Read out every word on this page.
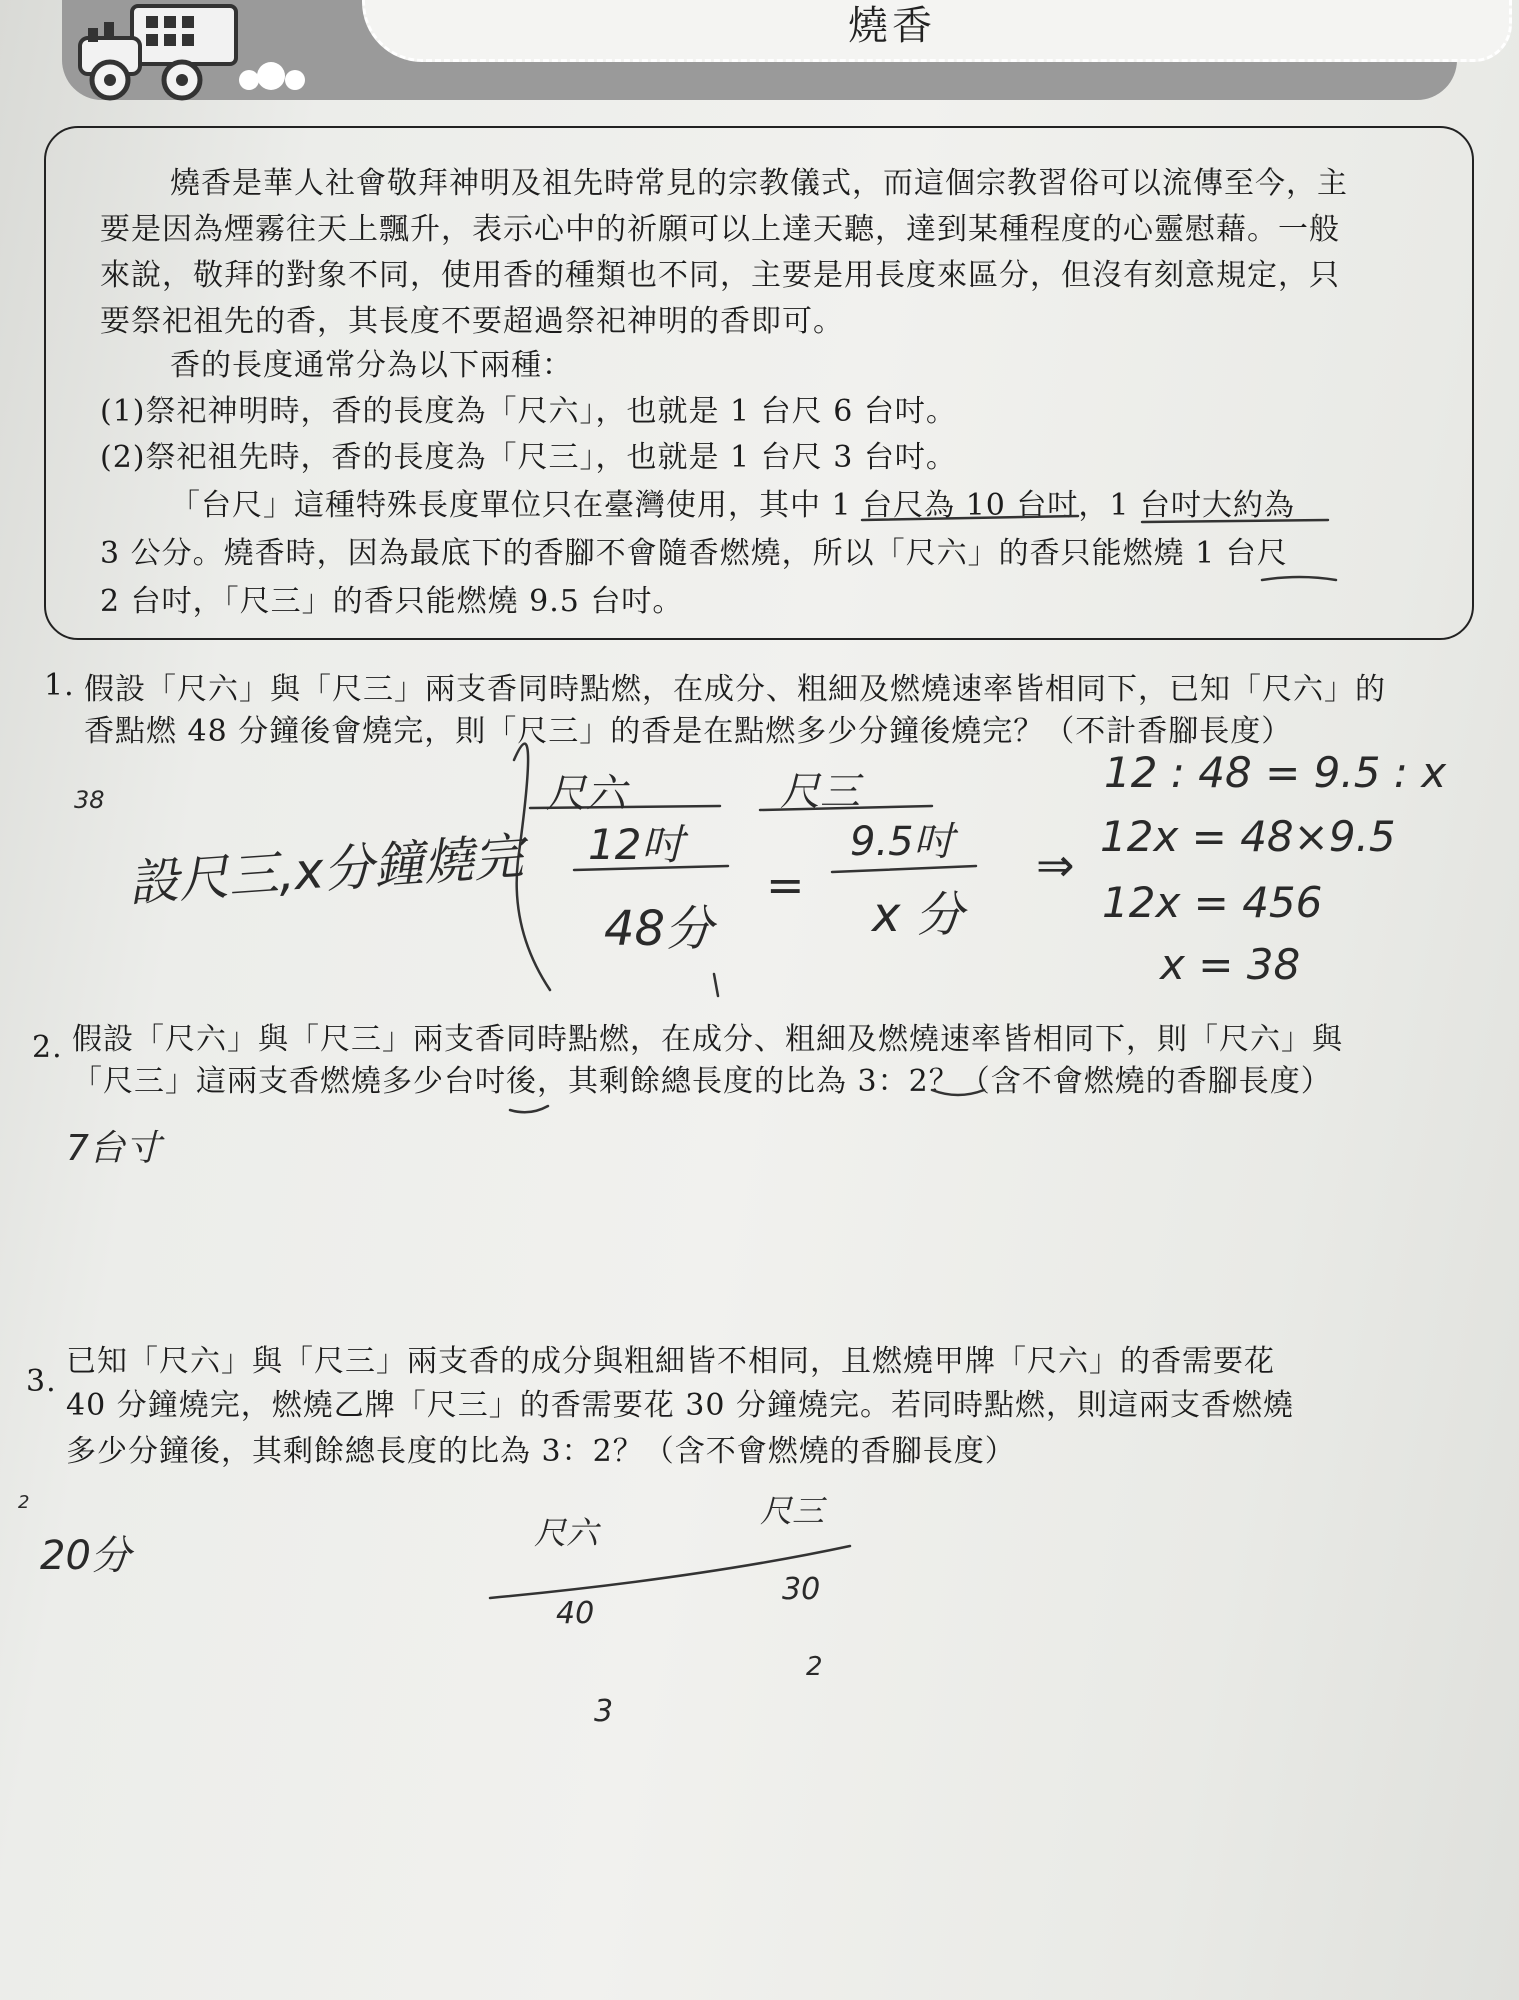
燒香
燒香是華人社會敬拜神明及祖先時常見的宗教儀式，而這個宗教習俗可以流傳至今，主
要是因為煙霧往天上飄升，表示心中的祈願可以上達天聽，達到某種程度的心靈慰藉。一般
來說，敬拜的對象不同，使用香的種類也不同，主要是用長度來區分，但沒有刻意規定，只
要祭祀祖先的香，其長度不要超過祭祀神明的香即可。
香的長度通常分為以下兩種：
(1)祭祀神明時，香的長度為「尺六」，也就是 1 台尺 6 台吋。
(2)祭祀祖先時，香的長度為「尺三」，也就是 1 台尺 3 台吋。
「台尺」這種特殊長度單位只在臺灣使用，其中 1 台尺為 10 台吋，1 台吋大約為
3 公分。燒香時，因為最底下的香腳不會隨香燃燒，所以「尺六」的香只能燃燒 1 台尺
2 台吋，「尺三」的香只能燃燒 9.5 台吋。
1. 假設「尺六」與「尺三」兩支香同時點燃，在成分、粗細及燃燒速率皆相同下，已知「尺六」的
香點燃 48 分鐘後會燒完，則「尺三」的香是在點燃多少分鐘後燒完？（不計香腳長度）
2. 假設「尺六」與「尺三」兩支香同時點燃，在成分、粗細及燃燒速率皆相同下，則「尺六」與
「尺三」這兩支香燃燒多少台吋後，其剩餘總長度的比為 3：2？（含不會燃燒的香腳長度）
3.
已知「尺六」與「尺三」兩支香的成分與粗細皆不相同，且燃燒甲牌「尺六」的香需要花
40 分鐘燒完，燃燒乙牌「尺三」的香需要花 30 分鐘燒完。若同時點燃，則這兩支香燃燒
多少分鐘後，其剩餘總長度的比為 3：2？（含不會燃燒的香腳長度）
38
設尺三,x分鐘燒完
尺六
12吋
48分
=
尺三
9.5吋
x 分
⇒
12 : 48 = 9.5 : x
12x = 48×9.5
12x = 456
x = 38
7台寸
2
20分	尺六
尺三
40
30
2
3
